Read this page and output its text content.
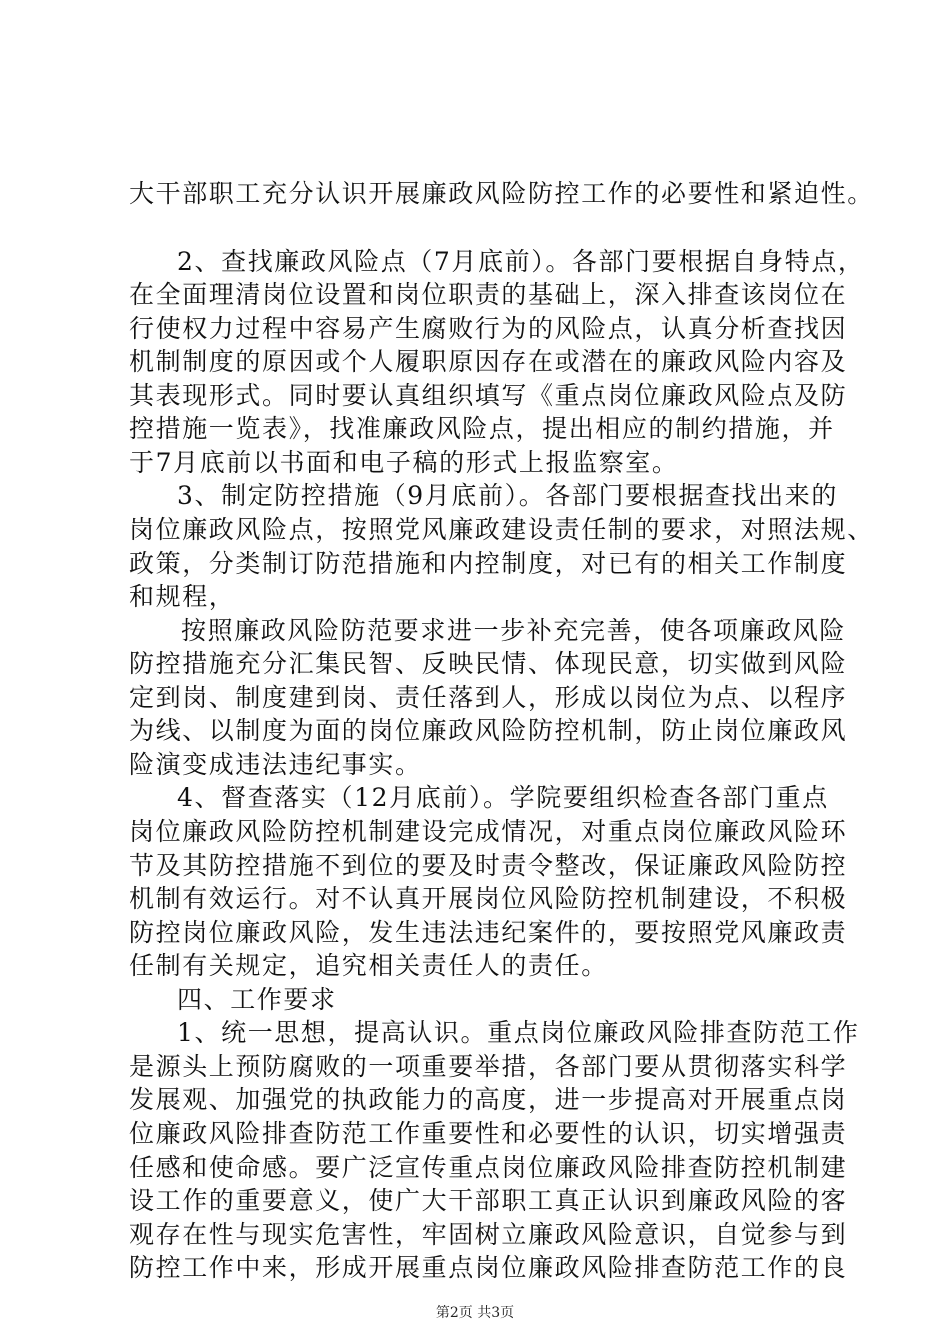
大干部职工充分认识开展廉政风险防控工作的必要性和紧迫性。
2、查找廉政风险点（7月底前）。各部门要根据自身特点，
在全面理清岗位设置和岗位职责的基础上，深入排查该岗位在
行使权力过程中容易产生腐败行为的风险点，认真分析查找因
机制制度的原因或个人履职原因存在或潜在的廉政风险内容及
其表现形式。同时要认真组织填写《重点岗位廉政风险点及防
控措施一览表》，找准廉政风险点，提出相应的制约措施，并
于7月底前以书面和电子稿的形式上报监察室。
3、制定防控措施（9月底前）。各部门要根据查找出来的
岗位廉政风险点，按照党风廉政建设责任制的要求，对照法规、
政策，分类制订防范措施和内控制度，对已有的相关工作制度
和规程，
按照廉政风险防范要求进一步补充完善，使各项廉政风险
防控措施充分汇集民智、反映民情、体现民意，切实做到风险
定到岗、制度建到岗、责任落到人，形成以岗位为点、以程序
为线、以制度为面的岗位廉政风险防控机制，防止岗位廉政风
险演变成违法违纪事实。
4、督查落实（12月底前）。学院要组织检查各部门重点
岗位廉政风险防控机制建设完成情况，对重点岗位廉政风险环
节及其防控措施不到位的要及时责令整改，保证廉政风险防控
机制有效运行。对不认真开展岗位风险防控机制建设，不积极
防控岗位廉政风险，发生违法违纪案件的，要按照党风廉政责
任制有关规定，追究相关责任人的责任。
四、工作要求
1、统一思想，提高认识。重点岗位廉政风险排查防范工作
是源头上预防腐败的一项重要举措，各部门要从贯彻落实科学
发展观、加强党的执政能力的高度，进一步提高对开展重点岗
位廉政风险排查防范工作重要性和必要性的认识，切实增强责
任感和使命感。要广泛宣传重点岗位廉政风险排查防控机制建
设工作的重要意义，使广大干部职工真正认识到廉政风险的客
观存在性与现实危害性，牢固树立廉政风险意识，自觉参与到
防控工作中来，形成开展重点岗位廉政风险排查防范工作的良
第2页 共3页
